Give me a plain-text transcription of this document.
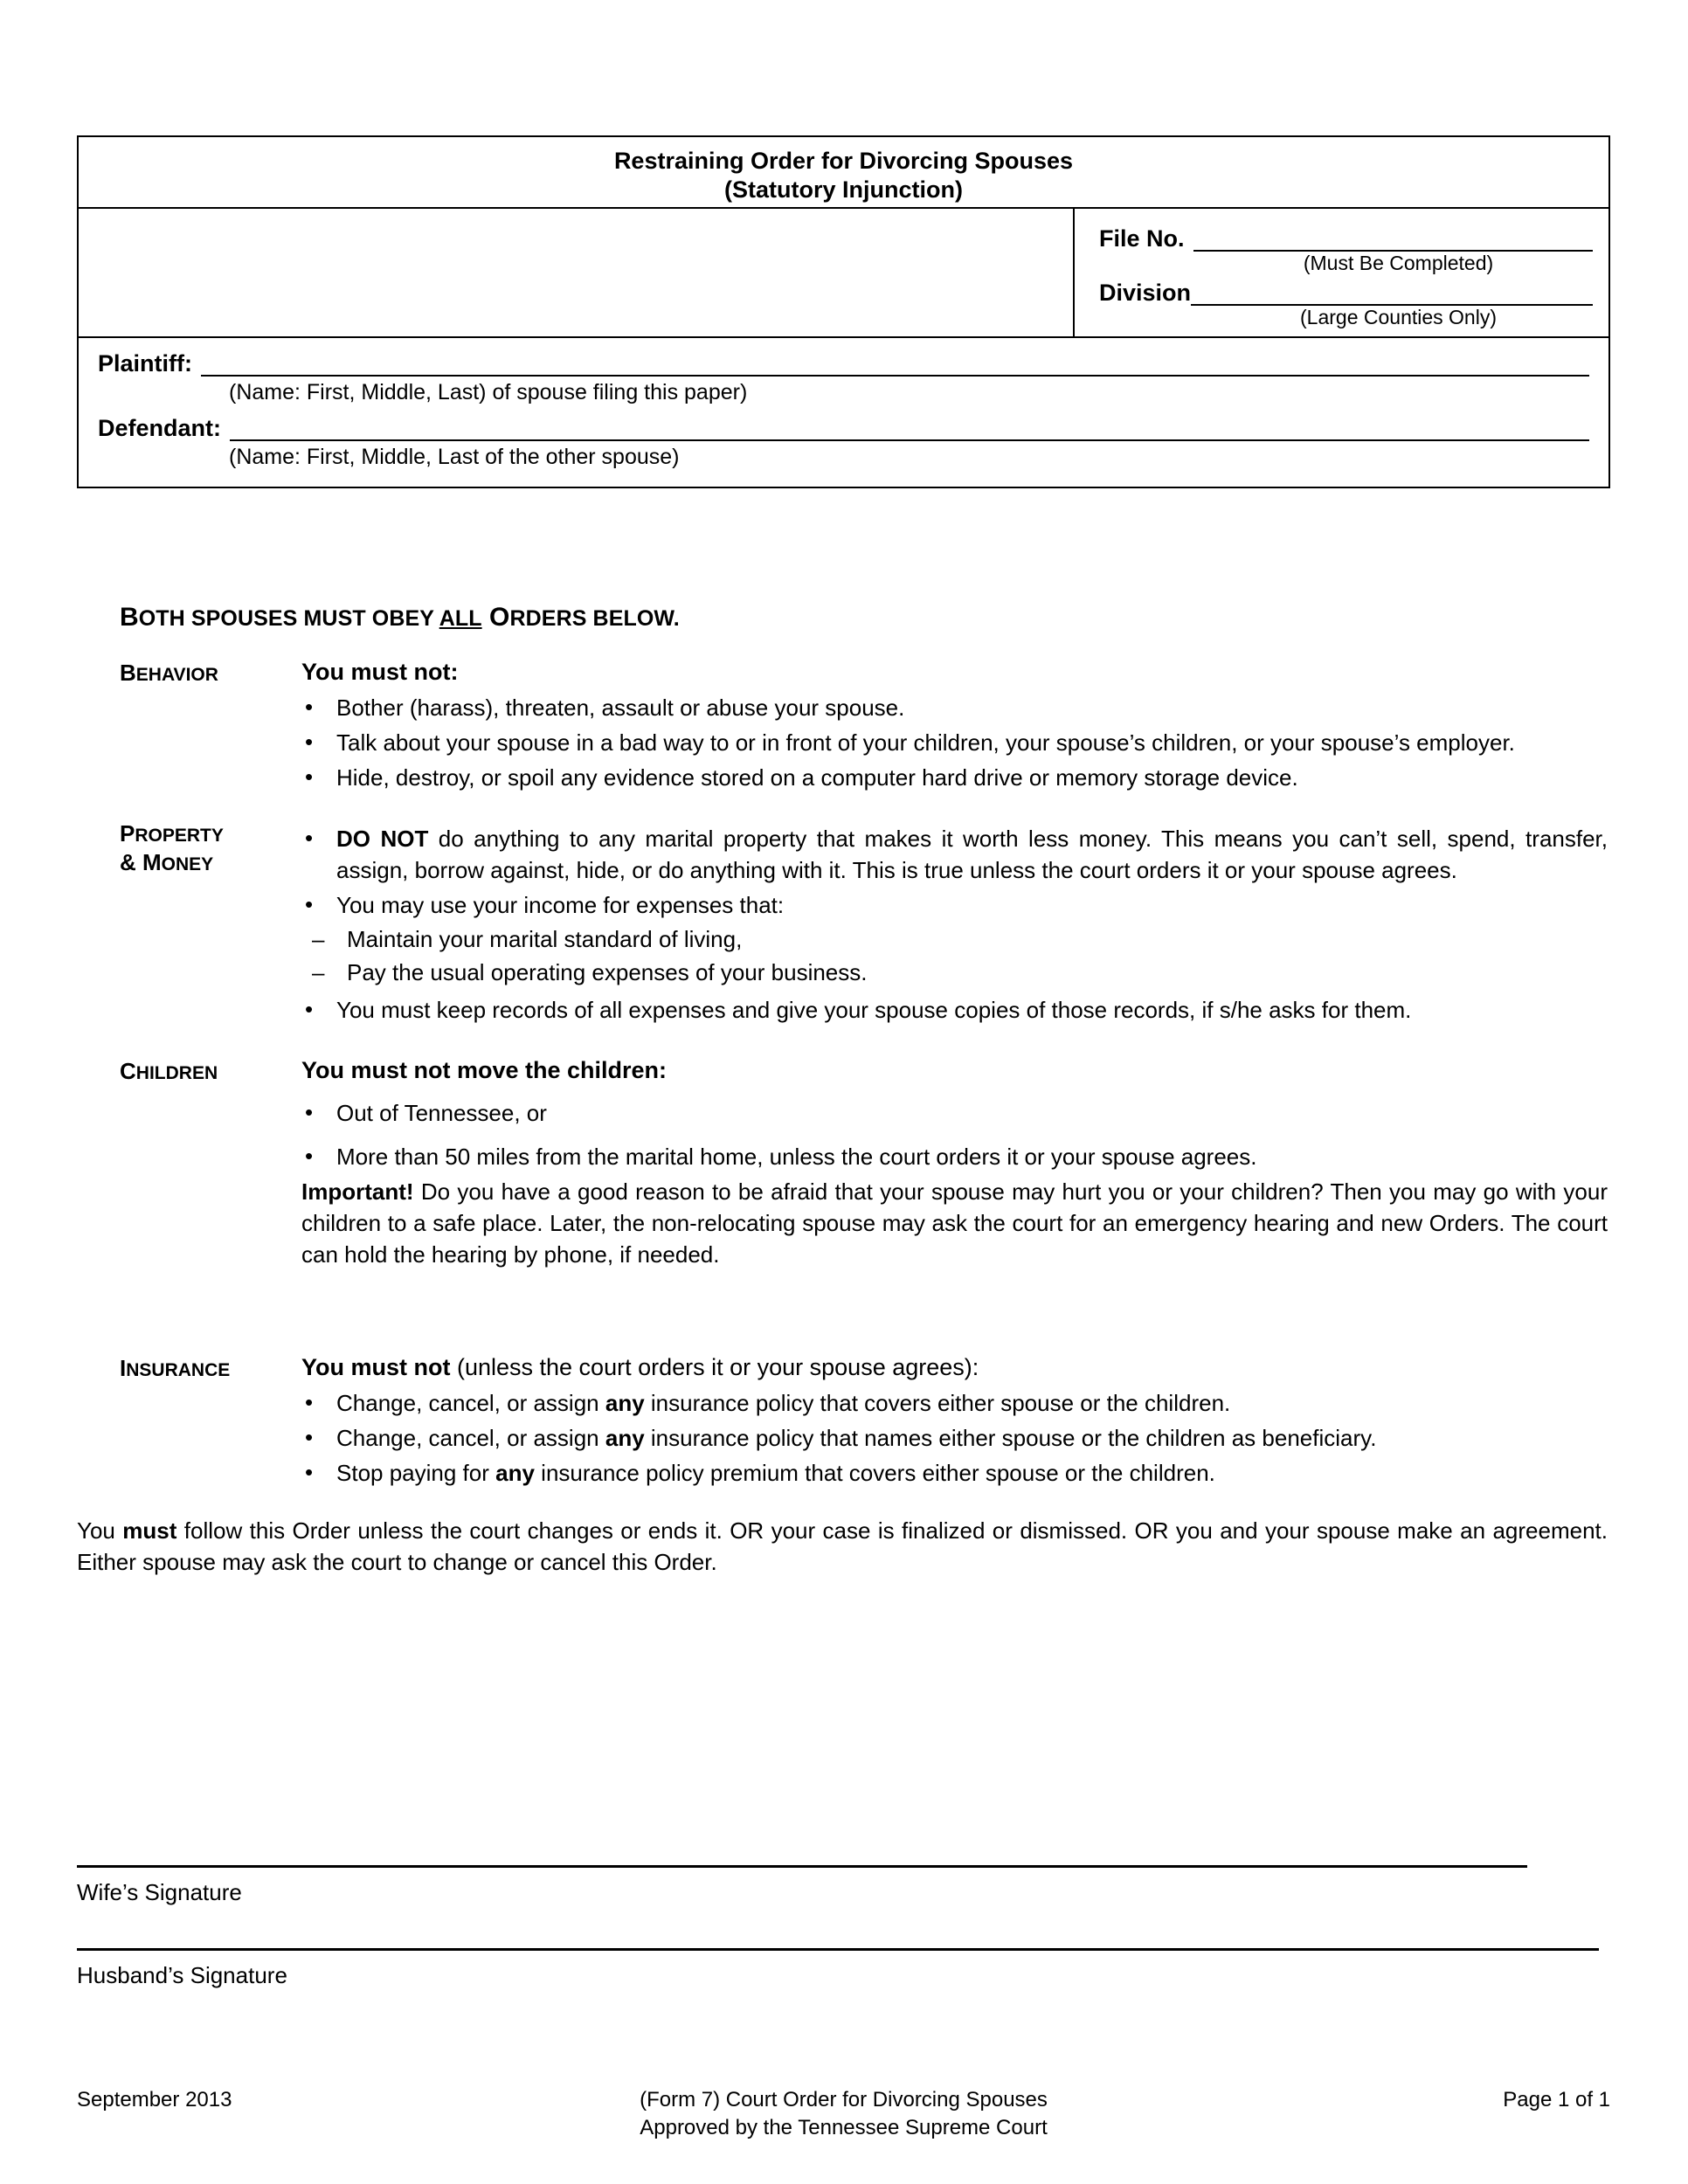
Restraining Order for Divorcing Spouses
(Statutory Injunction)
File No.
(Must Be Completed)
Division
(Large Counties Only)
Plaintiff:
(Name: First, Middle, Last) of spouse filing this paper)
Defendant:
(Name: First, Middle, Last of the other spouse)
BOTH SPOUSES MUST OBEY ALL ORDERS BELOW.
BEHAVIOR	You must not:
• Bother (harass), threaten, assault or abuse your spouse.
• Talk about your spouse in a bad way to or in front of your children, your spouse’s children, or your spouse’s employer.
• Hide, destroy, or spoil any evidence stored on a computer hard drive or memory storage device.
PROPERTY
& MONEY
• DO NOT do anything to any marital property that makes it worth less money. This means you can’t sell, spend, transfer, assign, borrow against, hide, or do anything with it. This is true unless the court orders it or your spouse agrees.
• You may use your income for expenses that:
– Maintain your marital standard of living,
– Pay the usual operating expenses of your business.
• You must keep records of all expenses and give your spouse copies of those records, if s/he asks for them.
CHILDREN	You must not move the children:
• Out of Tennessee, or
• More than 50 miles from the marital home, unless the court orders it or your spouse agrees.
Important! Do you have a good reason to be afraid that your spouse may hurt you or your children? Then you may go with your children to a safe place. Later, the non-relocating spouse may ask the court for an emergency hearing and new Orders. The court can hold the hearing by phone, if needed.
INSURANCE	You must not (unless the court orders it or your spouse agrees):
• Change, cancel, or assign any insurance policy that covers either spouse or the children.
• Change, cancel, or assign any insurance policy that names either spouse or the children as beneficiary.
• Stop paying for any insurance policy premium that covers either spouse or the children.
You must follow this Order unless the court changes or ends it. OR your case is finalized or dismissed. OR you and your spouse make an agreement. Either spouse may ask the court to change or cancel this Order.
Wife’s Signature
Husband’s Signature
September 2013	(Form 7) Court Order for Divorcing Spouses	Page 1 of 1
Approved by the Tennessee Supreme Court
